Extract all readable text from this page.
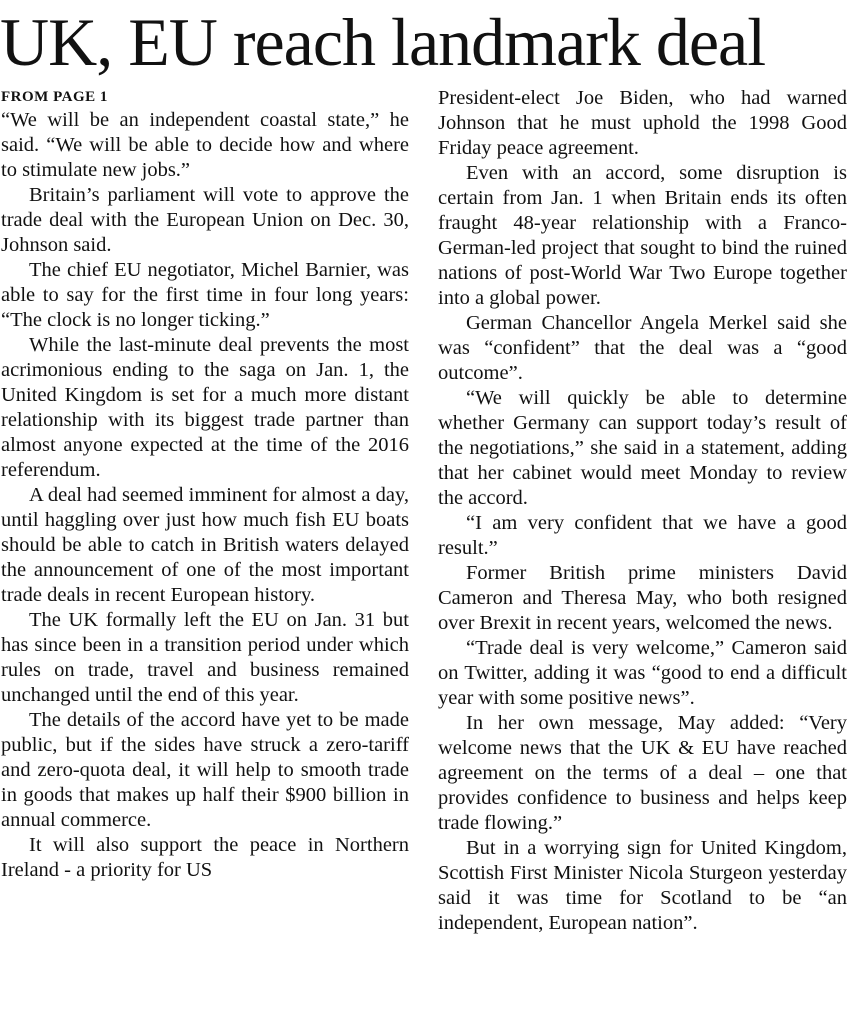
UK, EU reach landmark deal
FROM PAGE 1

“We will be an independent coastal state,” he said. “We will be able to decide how and where to stimulate new jobs.”

Britain’s parliament will vote to approve the trade deal with the European Union on Dec. 30, Johnson said.

The chief EU negotiator, Michel Barnier, was able to say for the first time in four long years: “The clock is no longer ticking.”

While the last-minute deal prevents the most acrimonious ending to the saga on Jan. 1, the United Kingdom is set for a much more distant relationship with its biggest trade partner than almost anyone expected at the time of the 2016 referendum.

A deal had seemed imminent for almost a day, until haggling over just how much fish EU boats should be able to catch in British waters delayed the announcement of one of the most important trade deals in recent European history.

The UK formally left the EU on Jan. 31 but has since been in a transition period under which rules on trade, travel and business remained unchanged until the end of this year.

The details of the accord have yet to be made public, but if the sides have struck a zero-tariff and zero-quota deal, it will help to smooth trade in goods that makes up half their $900 billion in annual commerce.

It will also support the peace in Northern Ireland - a priority for US

President-elect Joe Biden, who had warned Johnson that he must uphold the 1998 Good Friday peace agreement.

Even with an accord, some disruption is certain from Jan. 1 when Britain ends its often fraught 48-year relationship with a Franco-German-led project that sought to bind the ruined nations of post-World War Two Europe together into a global power.

German Chancellor Angela Merkel said she was “confident” that the deal was a “good outcome”.

“We will quickly be able to determine whether Germany can support today’s result of the negotiations,” she said in a statement, adding that her cabinet would meet Monday to review the accord.

“I am very confident that we have a good result.”

Former British prime ministers David Cameron and Theresa May, who both resigned over Brexit in recent years, welcomed the news.

“Trade deal is very welcome,” Cameron said on Twitter, adding it was “good to end a difficult year with some positive news”.

In her own message, May added: “Very welcome news that the UK & EU have reached agreement on the terms of a deal – one that provides confidence to business and helps keep trade flowing.”

But in a worrying sign for United Kingdom, Scottish First Minister Nicola Sturgeon yesterday said it was time for Scotland to be “an independent, European nation”.
